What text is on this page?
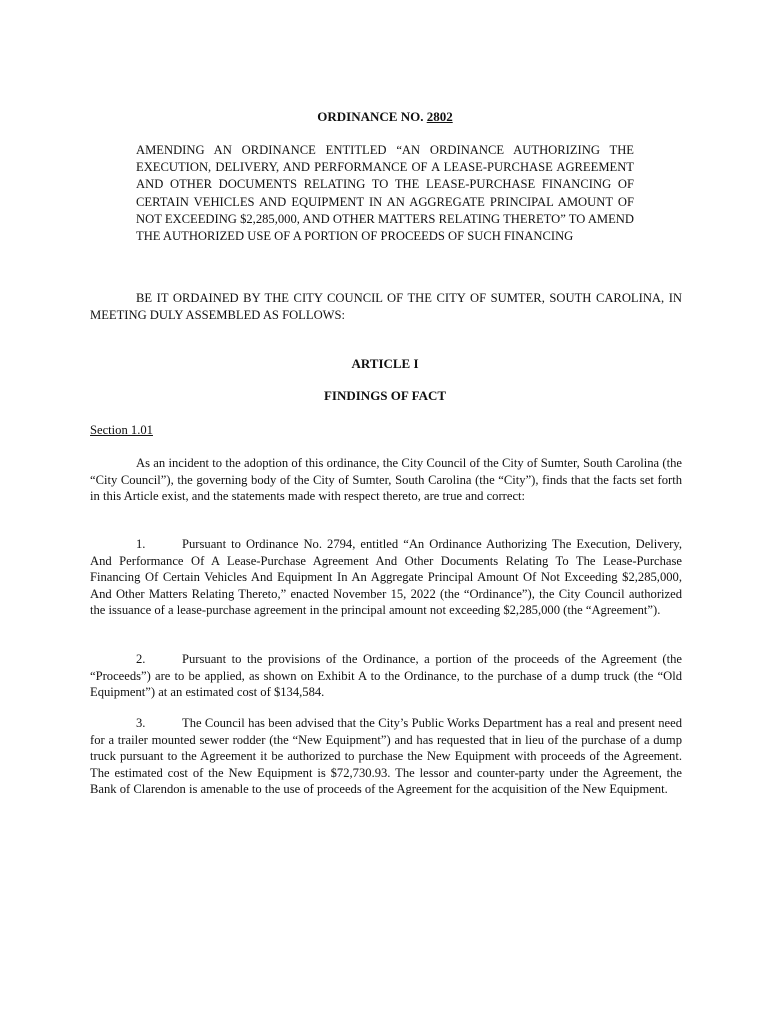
ORDINANCE NO. 2802
AMENDING AN ORDINANCE ENTITLED “AN ORDINANCE AUTHORIZING THE EXECUTION, DELIVERY, AND PERFORMANCE OF A LEASE-PURCHASE AGREEMENT AND OTHER DOCUMENTS RELATING TO THE LEASE-PURCHASE FINANCING OF CERTAIN VEHICLES AND EQUIPMENT IN AN AGGREGATE PRINCIPAL AMOUNT OF NOT EXCEEDING $2,285,000, AND OTHER MATTERS RELATING THERETO” TO AMEND THE AUTHORIZED USE OF A PORTION OF PROCEEDS OF SUCH FINANCING
BE IT ORDAINED BY THE CITY COUNCIL OF THE CITY OF SUMTER, SOUTH CAROLINA, IN MEETING DULY ASSEMBLED AS FOLLOWS:
ARTICLE I
FINDINGS OF FACT
Section 1.01
As an incident to the adoption of this ordinance, the City Council of the City of Sumter, South Carolina (the “City Council”), the governing body of the City of Sumter, South Carolina (the “City”), finds that the facts set forth in this Article exist, and the statements made with respect thereto, are true and correct:
1.	Pursuant to Ordinance No. 2794, entitled “An Ordinance Authorizing The Execution, Delivery, And Performance Of A Lease-Purchase Agreement And Other Documents Relating To The Lease-Purchase Financing Of Certain Vehicles And Equipment In An Aggregate Principal Amount Of Not Exceeding $2,285,000, And Other Matters Relating Thereto,” enacted November 15, 2022 (the “Ordinance”), the City Council authorized the issuance of a lease-purchase agreement in the principal amount not exceeding $2,285,000 (the “Agreement”).
2.	Pursuant to the provisions of the Ordinance, a portion of the proceeds of the Agreement (the “Proceeds”) are to be applied, as shown on Exhibit A to the Ordinance, to the purchase of a dump truck (the “Old Equipment”) at an estimated cost of $134,584.
3.	The Council has been advised that the City’s Public Works Department has a real and present need for a trailer mounted sewer rodder (the “New Equipment”) and has requested that in lieu of the purchase of a dump truck pursuant to the Agreement it be authorized to purchase the New Equipment with proceeds of the Agreement. The estimated cost of the New Equipment is $72,730.93. The lessor and counter-party under the Agreement, the Bank of Clarendon is amenable to the use of proceeds of the Agreement for the acquisition of the New Equipment.
